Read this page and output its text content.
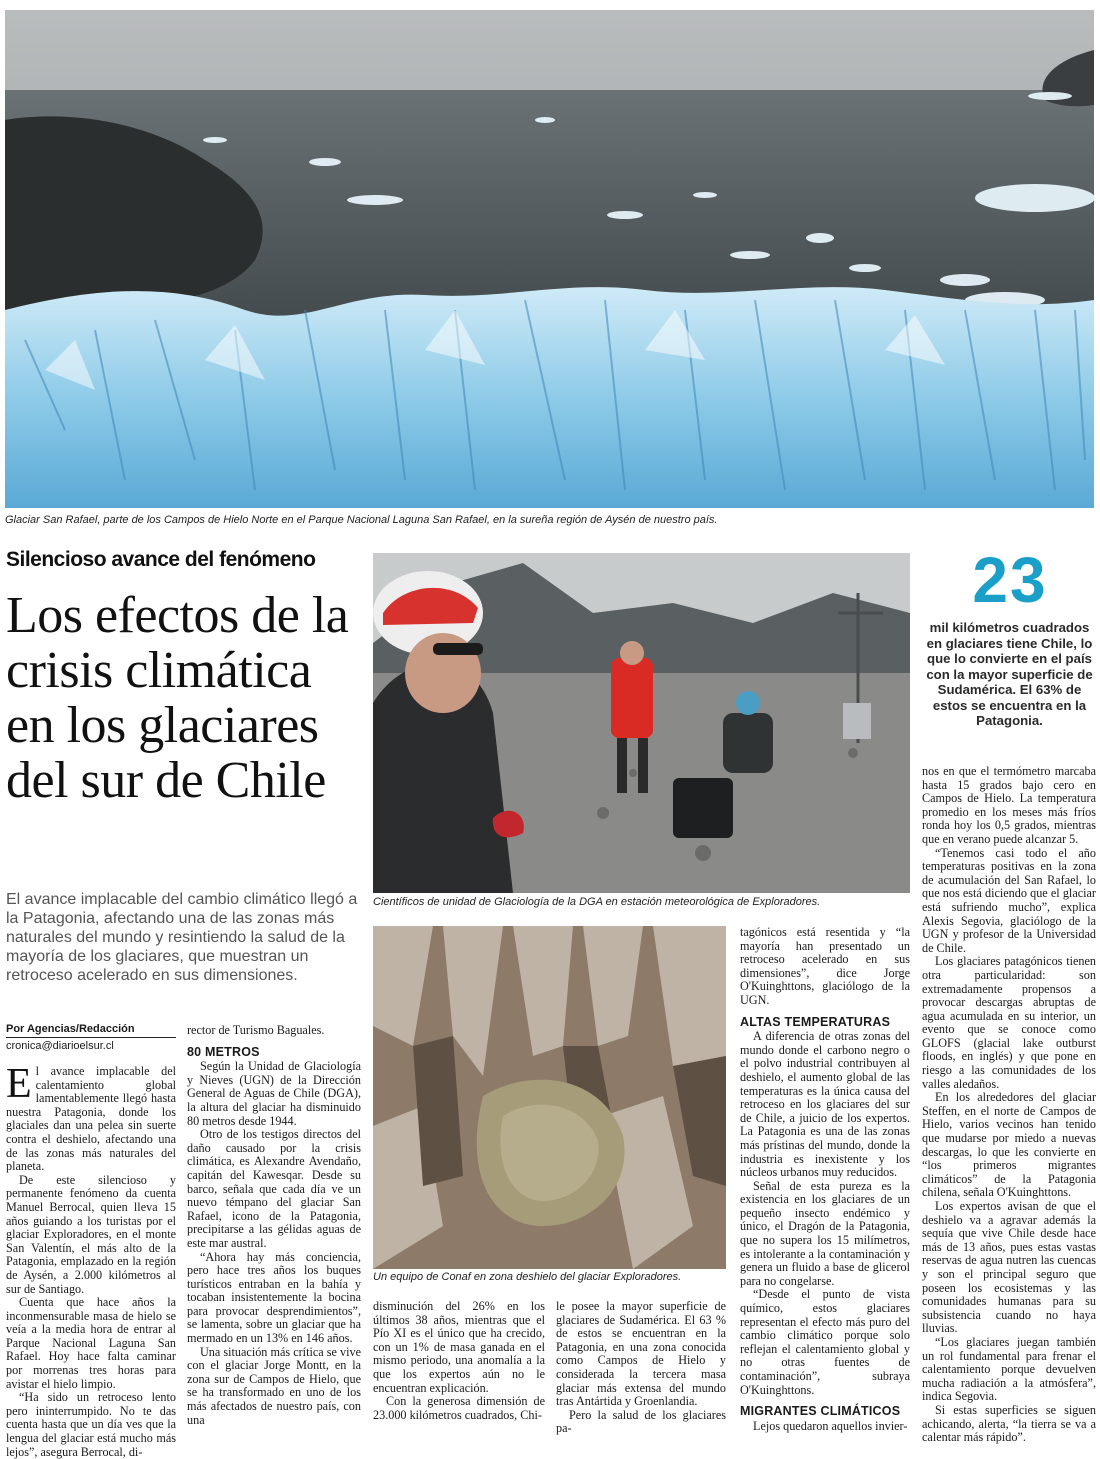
Glaciar San Rafael, parte de los Campos de Hielo Norte en el Parque Nacional Laguna San Rafael, en la sureña región de Aysén de nuestro país.
Silencioso avance del fenómeno
Los efectos de la crisis climática en los glaciares del sur de Chile
El avance implacable del cambio climático llegó a la Patagonia, afectando una de las zonas más naturales del mundo y resintiendo la salud de la mayoría de los glaciares, que muestran un retroceso acelerado en sus dimensiones.
Por Agencias/Redacción
cronica@diarioelsur.cl
Científicos de unidad de Glaciología de la DGA en estación meteorológica de Exploradores.
Un equipo de Conaf en zona deshielo del glaciar Exploradores.
23
mil kilómetros cuadrados en glaciares tiene Chile, lo que lo convierte en el país con la mayor superficie de Sudamérica. El 63% de estos se encuentra en la Patagonia.

El avance implacable del calentamiento global lamentablemente llegó hasta nuestra Patagonia, donde los glaciales dan una pelea sin suerte contra el deshielo, afectando una de las zonas más naturales del planeta.

De este silencioso y permanente fenómeno da cuenta Manuel Berrocal, quien lleva 15 años guiando a los turistas por el glaciar Exploradores, en el monte San Valentín, el más alto de la Patagonia, emplazado en la región de Aysén, a 2.000 kilómetros al sur de Santiago.

Cuenta que hace años la inconmensurable masa de hielo se veía a la media hora de entrar al Parque Nacional Laguna San Rafael. Hoy hace falta caminar por morrenas tres horas para avistar el hielo limpio.

“Ha sido un retroceso lento pero ininterrumpido. No te das cuenta hasta que un día ves que la lengua del glaciar está mucho más lejos”, asegura Berrocal, di-

rector de Turismo Baguales.

80 METROS

Según la Unidad de Glaciología y Nieves (UGN) de la Dirección General de Aguas de Chile (DGA), la altura del glaciar ha disminuido 80 metros desde 1944.

Otro de los testigos directos del daño causado por la crisis climática, es Alexandre Avendaño, capitán del Kawesqar. Desde su barco, señala que cada día ve un nuevo témpano del glaciar San Rafael, icono de la Patagonia, precipitarse a las gélidas aguas de este mar austral.

“Ahora hay más conciencia, pero hace tres años los buques turísticos entraban en la bahía y tocaban insistentemente la bocina para provocar desprendimientos”, se lamenta, sobre un glaciar que ha mermado en un 13% en 146 años.

Una situación más crítica se vive con el glaciar Jorge Montt, en la zona sur de Campos de Hielo, que se ha transformado en uno de los más afectados de nuestro país, con una

disminución del 26% en los últimos 38 años, mientras que el Pío XI es el único que ha crecido, con un 1% de masa ganada en el mismo periodo, una anomalía a la que los expertos aún no le encuentran explicación.

Con la generosa dimensión de 23.000 kilómetros cuadrados, Chi-

le posee la mayor superficie de glaciares de Sudamérica. El 63 % de estos se encuentran en la Patagonia, en una zona conocida como Campos de Hielo y considerada la tercera masa glaciar más extensa del mundo tras Antártida y Groenlandia.

Pero la salud de los glaciares pa-

tagónicos está resentida y “la mayoría han presentado un retroceso acelerado en sus dimensiones”, dice Jorge O'Kuinghttons, glaciólogo de la UGN.

ALTAS TEMPERATURAS

A diferencia de otras zonas del mundo donde el carbono negro o el polvo industrial contribuyen al deshielo, el aumento global de las temperaturas es la única causa del retroceso en los glaciares del sur de Chile, a juicio de los expertos. La Patagonia es una de las zonas más prístinas del mundo, donde la industria es inexistente y los núcleos urbanos muy reducidos.

Señal de esta pureza es la existencia en los glaciares de un pequeño insecto endémico y único, el Dragón de la Patagonia, que no supera los 15 milímetros, es intolerante a la contaminación y genera un fluido a base de glicerol para no congelarse.

“Desde el punto de vista químico, estos glaciares representan el efecto más puro del cambio climático porque solo reflejan el calentamiento global y no otras fuentes de contaminación”, subraya O'Kuinghttons.

MIGRANTES CLIMÁTICOS

Lejos quedaron aquellos invier-

nos en que el termómetro marcaba hasta 15 grados bajo cero en Campos de Hielo. La temperatura promedio en los meses más fríos ronda hoy los 0,5 grados, mientras que en verano puede alcanzar 5.

“Tenemos casi todo el año temperaturas positivas en la zona de acumulación del San Rafael, lo que nos está diciendo que el glaciar está sufriendo mucho”, explica Alexis Segovia, glaciólogo de la UGN y profesor de la Universidad de Chile.

Los glaciares patagónicos tienen otra particularidad: son extremadamente propensos a provocar descargas abruptas de agua acumulada en su interior, un evento que se conoce como GLOFS (glacial lake outburst floods, en inglés) y que pone en riesgo a las comunidades de los valles aledaños.

En los alrededores del glaciar Steffen, en el norte de Campos de Hielo, varios vecinos han tenido que mudarse por miedo a nuevas descargas, lo que les convierte en “los primeros migrantes climáticos” de la Patagonia chilena, señala O'Kuinghttons.

Los expertos avisan de que el deshielo va a agravar además la sequía que vive Chile desde hace más de 13 años, pues estas vastas reservas de agua nutren las cuencas y son el principal seguro que poseen los ecosistemas y las comunidades humanas para su subsistencia cuando no haya lluvias.

“Los glaciares juegan también un rol fundamental para frenar el calentamiento porque devuelven mucha radiación a la atmósfera”, indica Segovia.

Si estas superficies se siguen achicando, alerta, “la tierra se va a calentar más rápido”.
